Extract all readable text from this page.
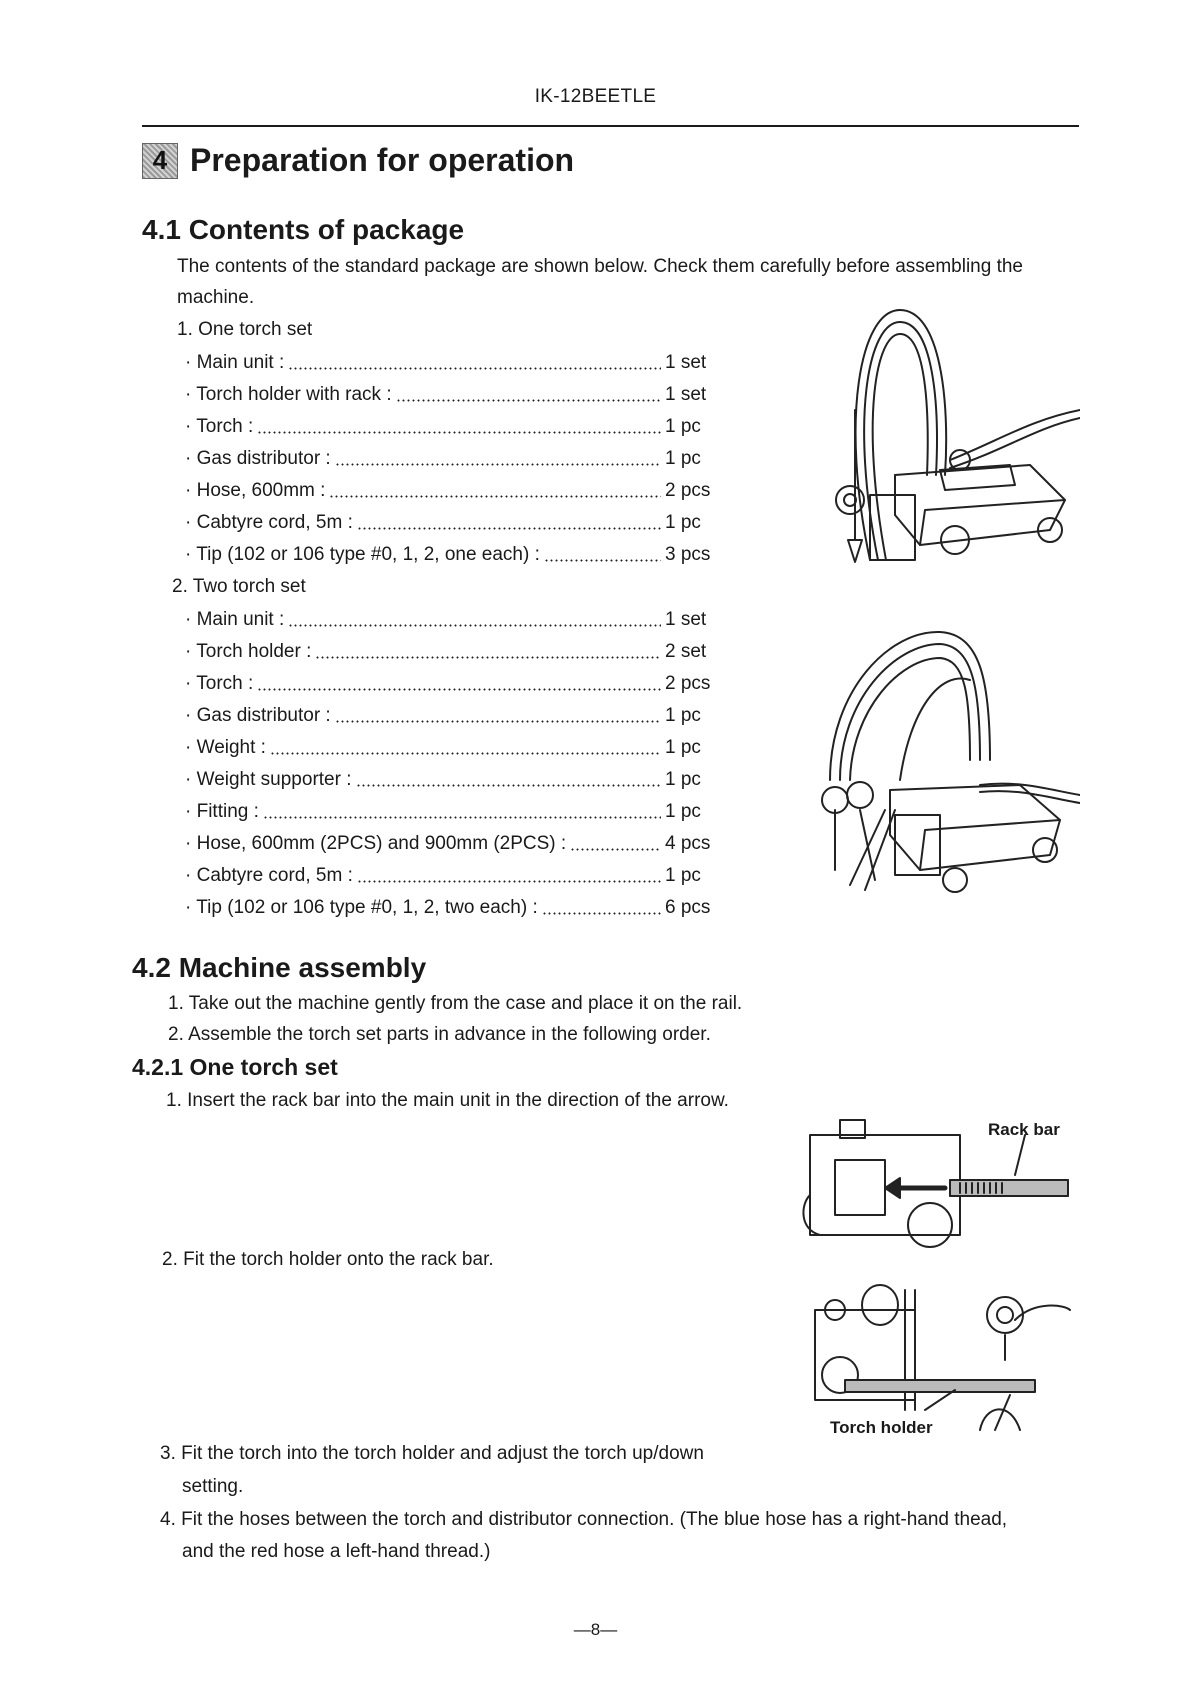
IK-12BEETLE
4 Preparation for operation
4.1 Contents of package
The contents of the standard package are shown below. Check them carefully before assembling the
machine.
1. One torch set
· Main unit :	1 set
· Torch holder with rack :	1 set
· Torch :	1 pc
· Gas distributor :	1 pc
· Hose, 600mm :	2 pcs
· Cabtyre cord, 5m :	1 pc
· Tip (102 or 106 type #0, 1, 2, one each) :	3 pcs
2. Two torch set
· Main unit :	1 set
· Torch holder :	2 set
· Torch :	2 pcs
· Gas distributor :	1 pc
· Weight :	1 pc
· Weight supporter :	1 pc
· Fitting :	1 pc
· Hose, 600mm (2PCS) and 900mm (2PCS) :	4 pcs
· Cabtyre cord, 5m :	1 pc
· Tip (102 or 106 type #0, 1, 2, two each) :	6 pcs
4.2 Machine assembly
1. Take out the machine gently from the case and place it on the rail.
2. Assemble the torch set parts in advance in the following order.
4.2.1 One torch set
1. Insert the rack bar into the main unit in the direction of the arrow.
Rack bar
2. Fit the torch holder onto the rack bar.
Torch holder
3. Fit the torch into the torch holder and adjust the torch up/down
setting.
4. Fit the hoses between the torch and distributor connection. (The blue hose has a right-hand thead,
and the red hose a left-hand thread.)
—8—
